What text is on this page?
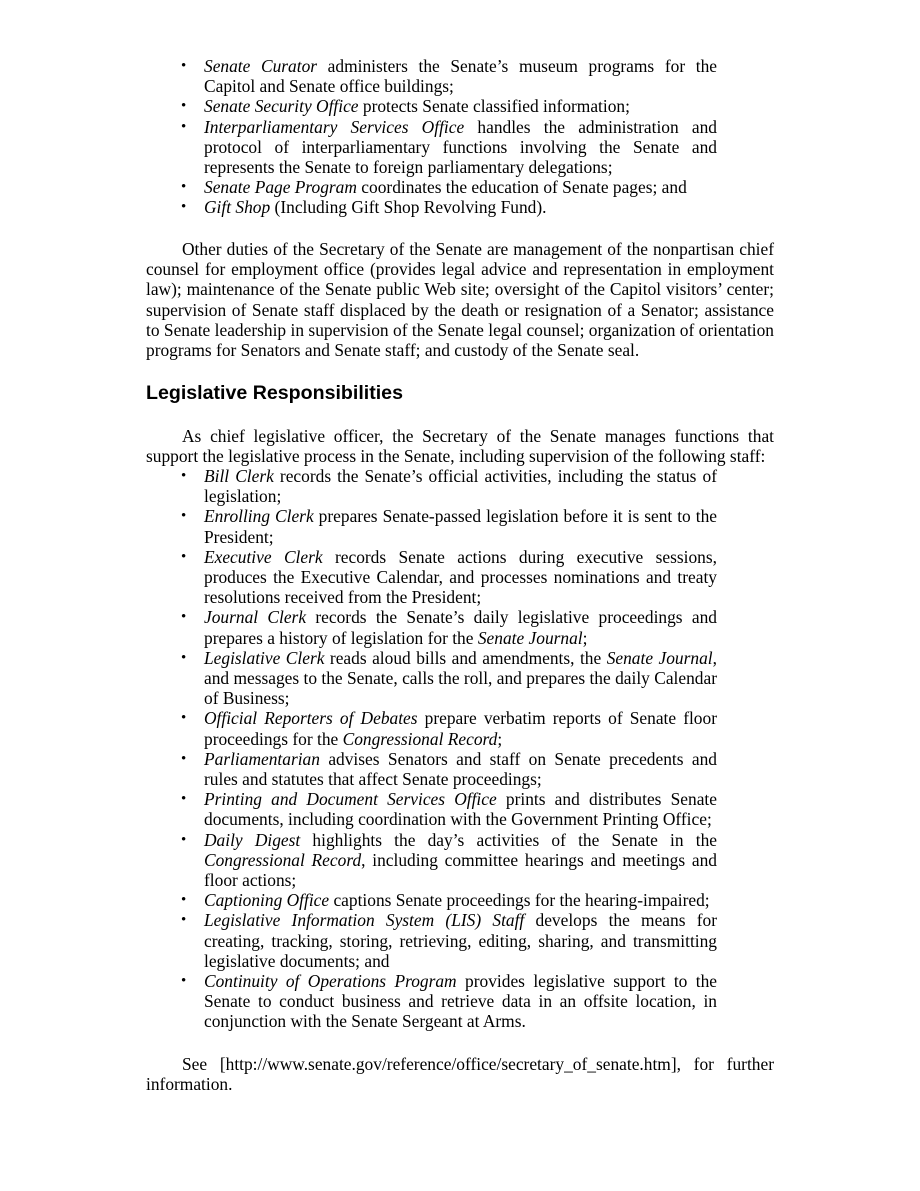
• Senate Curator administers the Senate’s museum programs for the Capitol and Senate office buildings;
• Senate Security Office protects Senate classified information;
• Interparliamentary Services Office handles the administration and protocol of interparliamentary functions involving the Senate and represents the Senate to foreign parliamentary delegations;
• Senate Page Program coordinates the education of Senate pages; and
• Gift Shop (Including Gift Shop Revolving Fund).

Other duties of the Secretary of the Senate are management of the nonpartisan chief counsel for employment office (provides legal advice and representation in employment law); maintenance of the Senate public Web site; oversight of the Capitol visitors’ center; supervision of Senate staff displaced by the death or resignation of a Senator; assistance to Senate leadership in supervision of the Senate legal counsel; organization of orientation programs for Senators and Senate staff; and custody of the Senate seal.

Legislative Responsibilities

As chief legislative officer, the Secretary of the Senate manages functions that support the legislative process in the Senate, including supervision of the following staff:

• Bill Clerk records the Senate’s official activities, including the status of legislation;
• Enrolling Clerk prepares Senate-passed legislation before it is sent to the President;
• Executive Clerk records Senate actions during executive sessions, produces the Executive Calendar, and processes nominations and treaty resolutions received from the President;
• Journal Clerk records the Senate’s daily legislative proceedings and prepares a history of legislation for the Senate Journal;
• Legislative Clerk reads aloud bills and amendments, the Senate Journal, and messages to the Senate, calls the roll, and prepares the daily Calendar of Business;
• Official Reporters of Debates prepare verbatim reports of Senate floor proceedings for the Congressional Record;
• Parliamentarian advises Senators and staff on Senate precedents and rules and statutes that affect Senate proceedings;
• Printing and Document Services Office prints and distributes Senate documents, including coordination with the Government Printing Office;
• Daily Digest highlights the day’s activities of the Senate in the Congressional Record, including committee hearings and meetings and floor actions;
• Captioning Office captions Senate proceedings for the hearing-impaired;
• Legislative Information System (LIS) Staff develops the means for creating, tracking, storing, retrieving, editing, sharing, and transmitting legislative documents; and
• Continuity of Operations Program provides legislative support to the Senate to conduct business and retrieve data in an offsite location, in conjunction with the Senate Sergeant at Arms.

See [http://www.senate.gov/reference/office/secretary_of_senate.htm], for further information.
